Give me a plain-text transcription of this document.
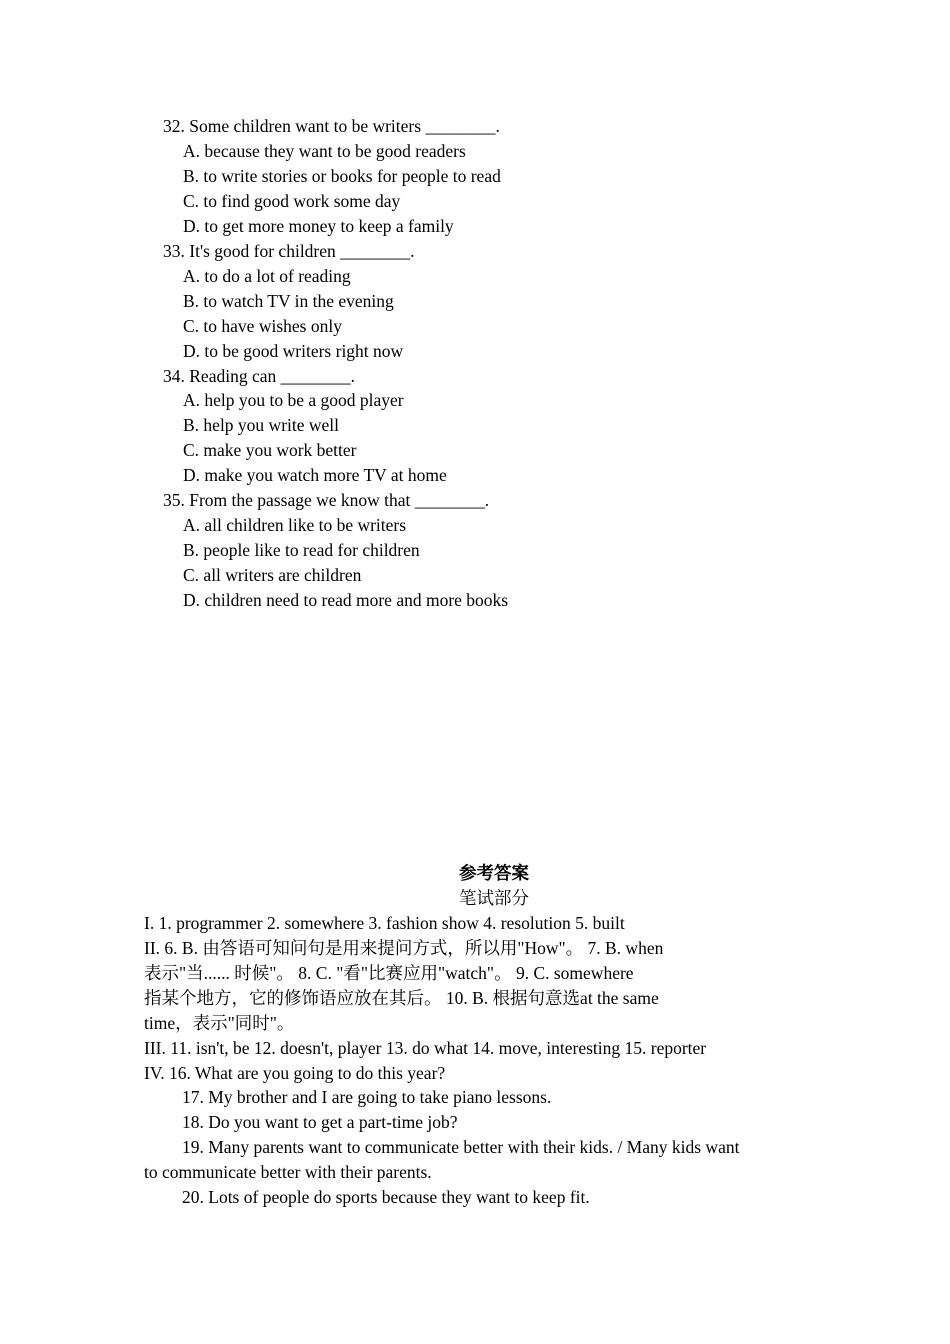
32. Some children want to be writers ________.
A. because they want to be good readers
B. to write stories or books for people to read
C. to find good work some day
D. to get more money to keep a family
33. It's good for children ________.
A. to do a lot of reading
B. to watch TV in the evening
C. to have wishes only
D. to be good writers right now
34. Reading can ________.
A. help you to be a good player
B. help you write well
C. make you work better
D. make you watch more TV at home
35. From the passage we know that ________.
A. all children like to be writers
B. people like to read for children
C. all writers are children
D. children need to read more and more books
参考答案
笔试部分
I. 1. programmer 2. somewhere 3. fashion show 4. resolution 5. built
II. 6. B. 由答语可知问句是用来提问方式，所以用"How"。 7. B. when
表示"当...... 时候"。 8. C. "看"比赛应用"watch"。 9. C. somewhere
指某个地方，它的修饰语应放在其后。 10. B. 根据句意选at the same
time，表示"同时"。
III. 11. isn't, be 12. doesn't, player 13. do what 14. move, interesting 15. reporter
IV. 16. What are you going to do this year?
17. My brother and I are going to take piano lessons.
18. Do you want to get a part-time job?
19. Many parents want to communicate better with their kids. / Many kids want
to communicate better with their parents.
20. Lots of people do sports because they want to keep fit.
